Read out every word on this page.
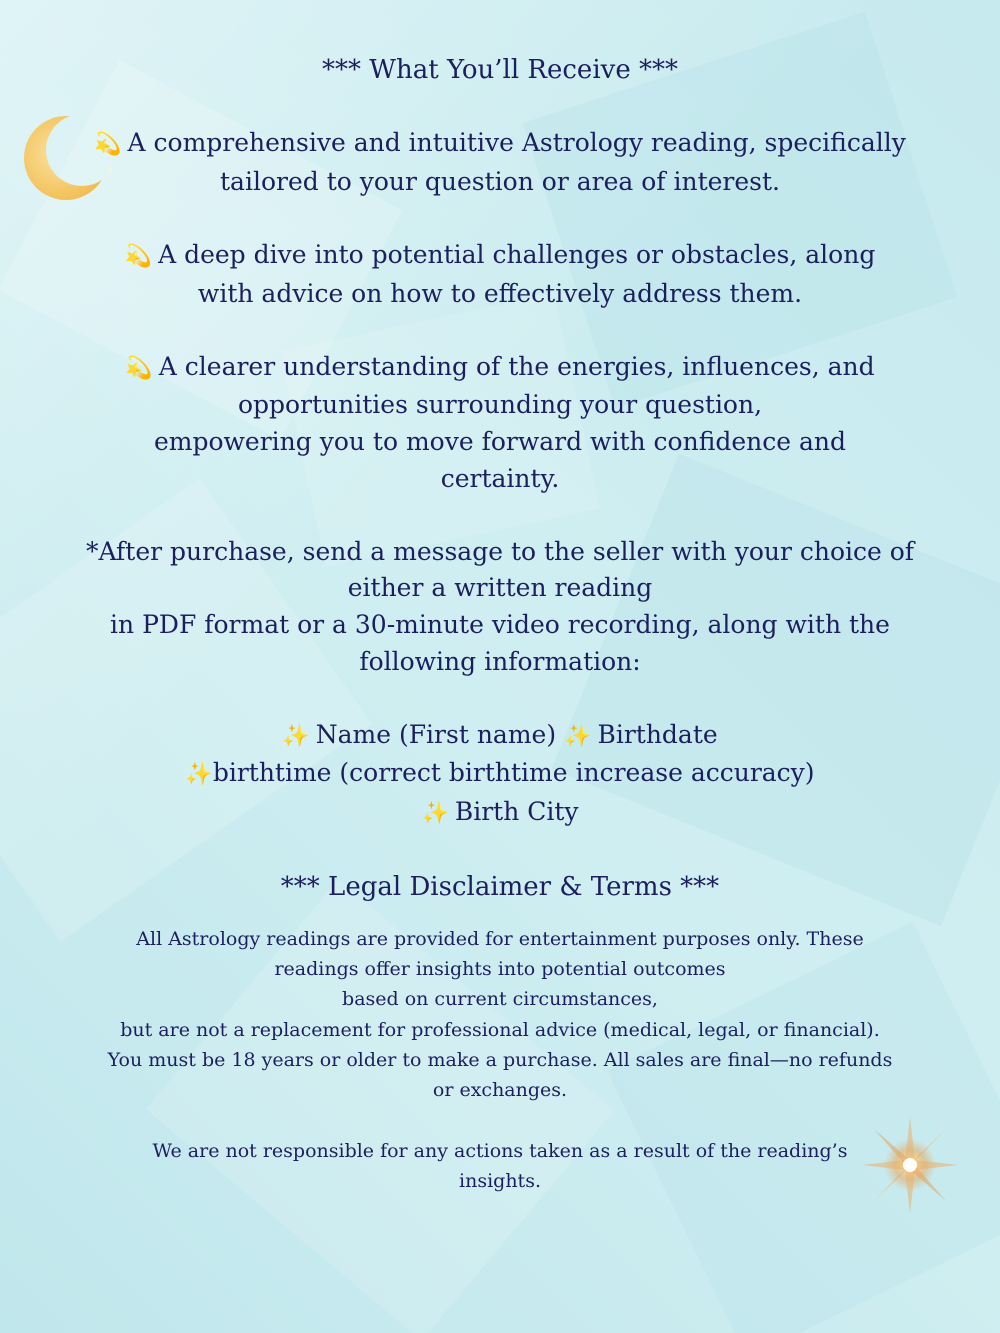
*** What You’ll Receive ***
💫 A comprehensive and intuitive Astrology reading, specifically
tailored to your question or area of interest.
💫 A deep dive into potential challenges or obstacles, along
with advice on how to effectively address them.
💫 A clearer understanding of the energies, influences, and
opportunities surrounding your question,
empowering you to move forward with confidence and
certainty.
*After purchase, send a message to the seller with your choice of
either a written reading
in PDF format or a 30-minute video recording, along with the
following information:
✨ Name (First name) ✨ Birthdate
✨birthtime (correct birthtime increase accuracy)
✨ Birth City
*** Legal Disclaimer & Terms ***
All Astrology readings are provided for entertainment purposes only. These
readings offer insights into potential outcomes
based on current circumstances,
but are not a replacement for professional advice (medical, legal, or financial).
You must be 18 years or older to make a purchase. All sales are final—no refunds
or exchanges.
We are not responsible for any actions taken as a result of the reading’s
insights.
